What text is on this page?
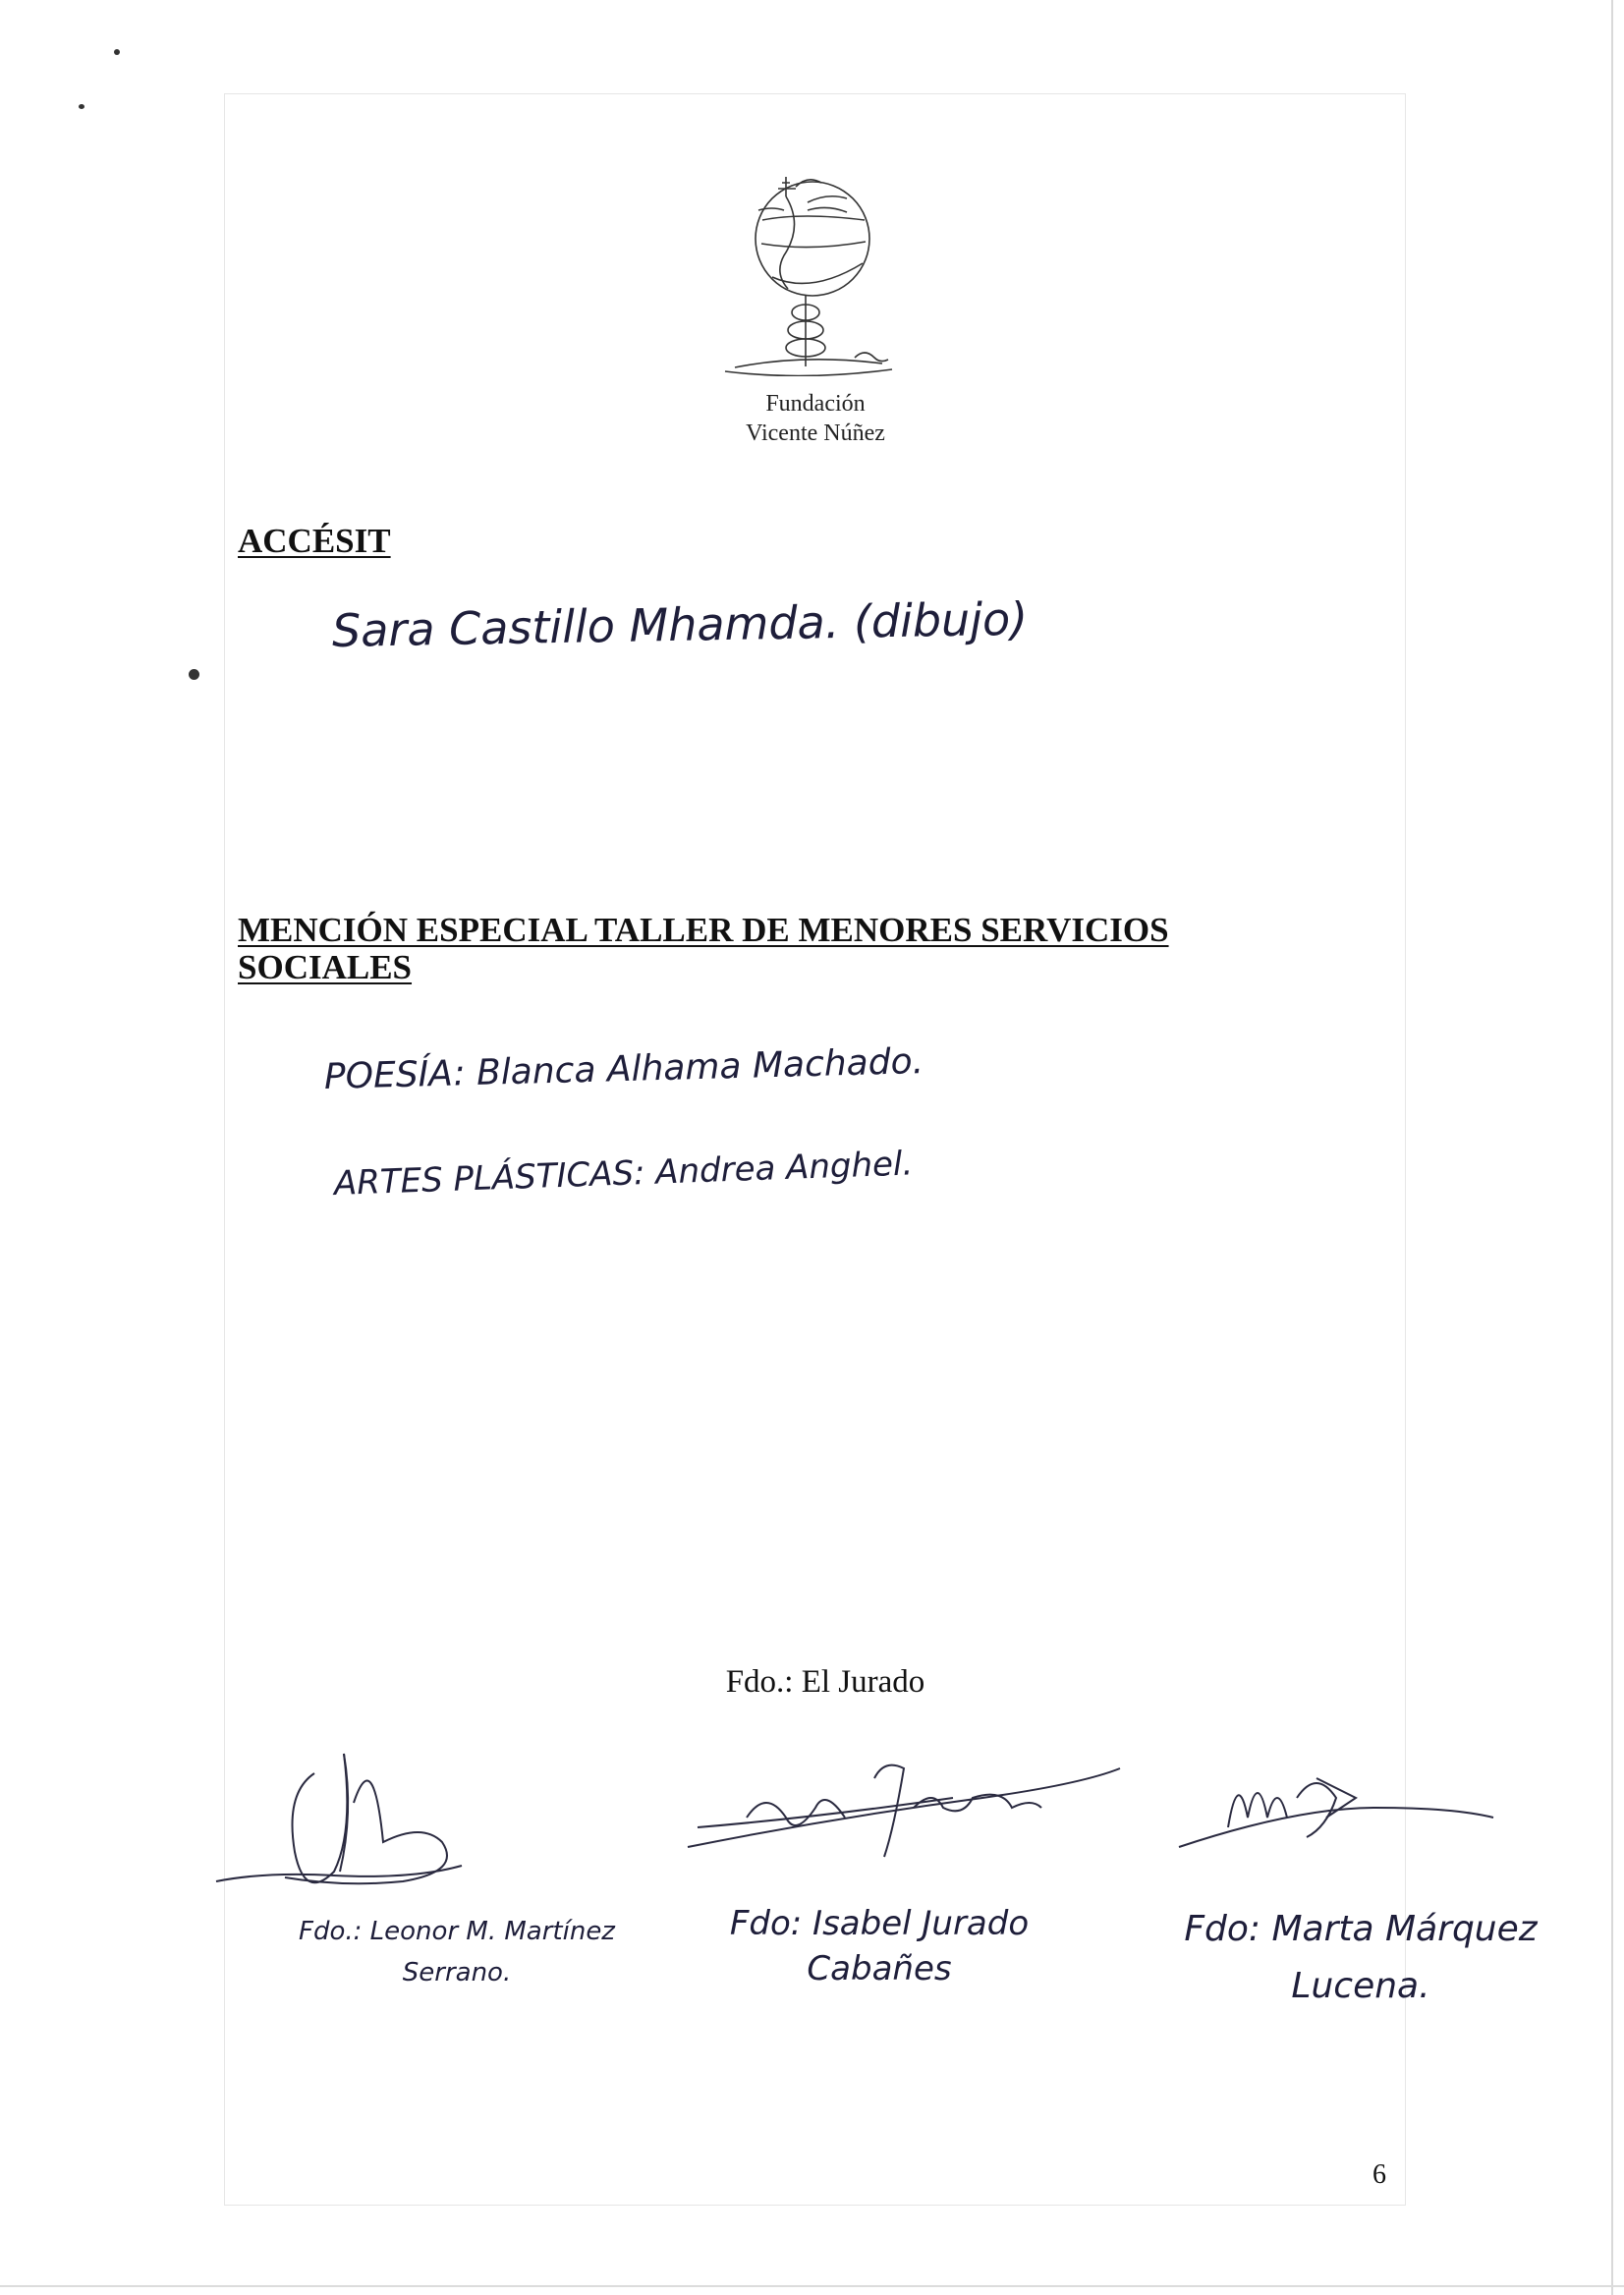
Fundación
Vicente Núñez
ACCÉSIT
Sara Castillo Mhamda. (dibujo)
MENCIÓN ESPECIAL TALLER DE MENORES SERVICIOS
SOCIALES
POESÍA: Blanca Alhama Machado.
ARTES PLÁSTICAS: Andrea Anghel.
Fdo.: El Jurado
Fdo.: Leonor M. Martínez
Serrano.
Fdo: Isabel Jurado
Cabañes
Fdo: Marta Márquez
Lucena.
6
